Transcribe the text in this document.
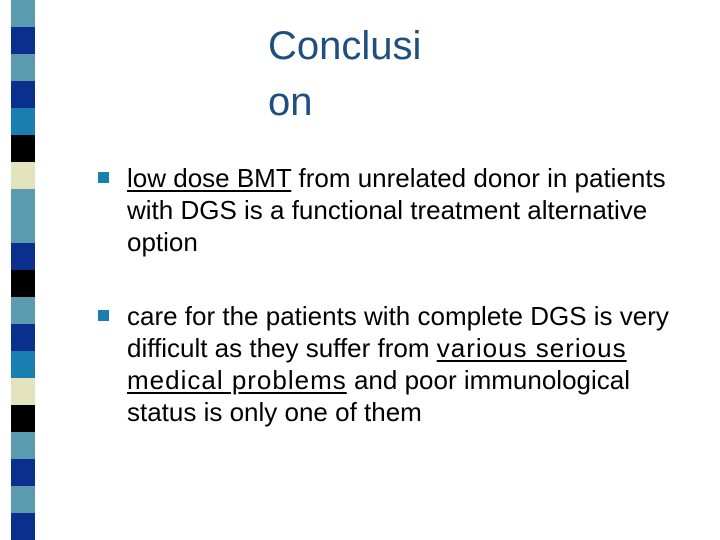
Conclusi
on
low dose BMT from unrelated donor in patients with DGS is a functional treatment alternative option
care for the patients with complete DGS is very difficult as they suffer from various serious medical problems and poor immunological status is only one of them
